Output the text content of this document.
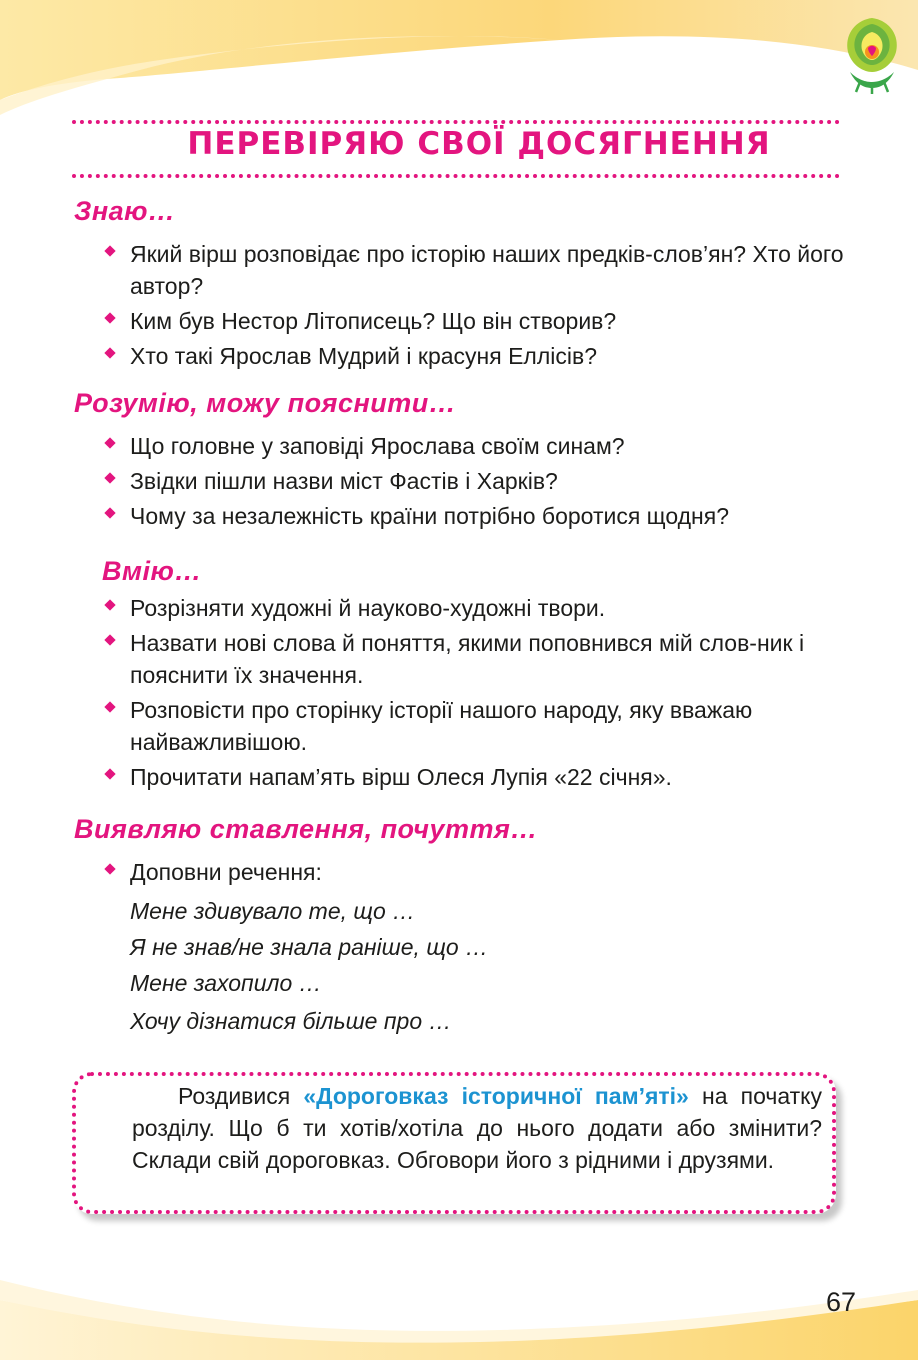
ПЕРЕВІРЯЮ СВОЇ ДОСЯГНЕННЯ
Знаю…
Який вірш розповідає про історію наших предків-слов’ян? Хто його автор?
Ким був Нестор Літописець? Що він створив?
Хто такі Ярослав Мудрий і красуня Еллісів?
Розумію, можу пояснити…
Що головне у заповіді Ярослава своїм синам?
Звідки пішли назви міст Фастів і Харків?
Чому за незалежність країни потрібно боротися щодня?
Вмію…
Розрізняти художні й науково-художні твори.
Назвати нові слова й поняття, якими поповнився мій слов-ник і пояснити їх значення.
Розповісти про сторінку історії нашого народу, яку вважаю найважливішою.
Прочитати напам’ять вірш Олеся Лупія «22 січня».
Виявляю ставлення, почуття…
Доповни речення:

Мене здивувало те, що …

Я не знав/не знала раніше, що …

Мене захопило …

Хочу дізнатися більше про …

Роздивися «Дороговказ історичної пам’яті» на початку розділу. Що б ти хотів/хотіла до нього додати або змінити? Склади свій дороговказ. Обговори його з рідними і друзями.

67
